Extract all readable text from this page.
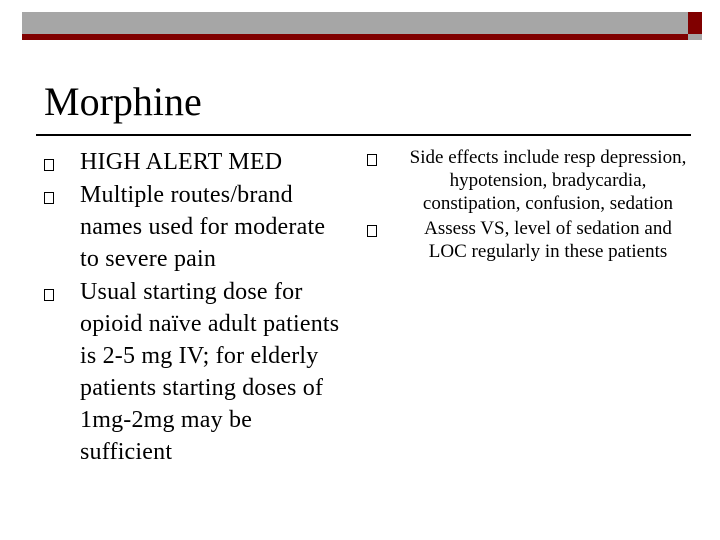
Morphine
HIGH ALERT MED
Multiple routes/brand names used for moderate to severe pain
Usual starting dose for opioid naïve adult patients is 2-5 mg IV; for elderly patients starting doses of 1mg-2mg may be sufficient
Side effects include resp depression, hypotension, bradycardia, constipation, confusion, sedation
Assess VS, level of sedation and LOC regularly in these patients
